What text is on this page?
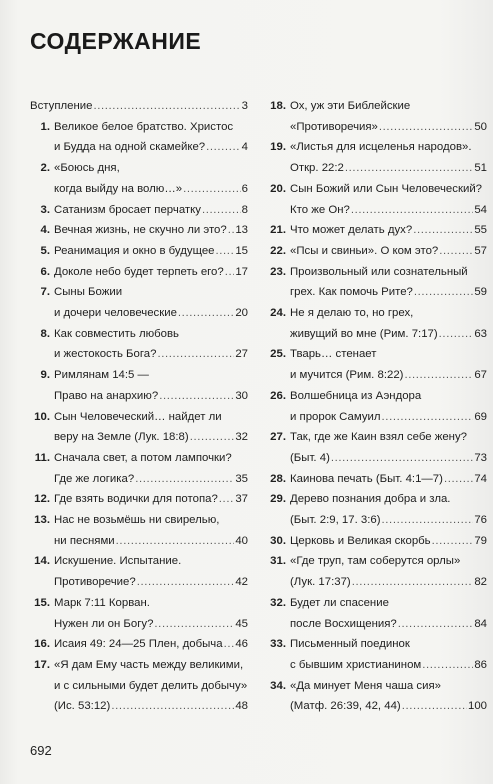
СОДЕРЖАНИЕ
Вступление .....	3
1. Великое белое братство. Христос
и Будда на одной скамейке? .....	4
2. «Боюсь дня,
когда выйду на волю…» .....	6
3. Сатанизм бросает перчатку .....	8
4. Вечная жизнь, не скучно ли это? ..... 13
5. Реанимация и окно в будущее ..... 15
6. Доколе небо будет терпеть его? ..... 17
7. Сыны Божии
и дочери человеческие .....	20
8. Как совместить любовь
и жестокость Бога? .....	27
9. Римлянам 14:5 —
Право на анархию? .....	30
10. Сын Человеческий… найдет ли
веру на Земле (Лук. 18:8) .....	32
11. Сначала свет, а потом лампочки?
Где же логика? .....	35
12. Где взять водички для потопа? ..... 37
13. Нас не возьмёшь ни свирелью,
ни песнями .....	40
14. Искушение. Испытание.
Противоречие? .....	42
15. Марк 7:11 Корван.
Нужен ли он Богу? .....	45
16. Исаия 49: 24—25 Плен, добыча ..... 46
17. «Я дам Ему часть между великими,
и с сильными будет делить добычу»
(Ис. 53:12) .....	48
18. Ох, уж эти Библейские
«Противоречия» .....	50
19. «Листья для исцеленья народов».
Откр. 22:2 .....	51
20. Сын Божий или Сын Человеческий?
Кто же Он? .....	54
21. Что может делать дух? .....	55
22. «Псы и свиньи». О ком это? .....	57
23. Произвольный или сознательный
грех. Как помочь Рите? .....	59
24. Не я делаю то, но грех,
живущий во мне (Рим. 7:17) .....	63
25. Тварь… стенает
и мучится (Рим. 8:22) .....	67
26. Волшебница из Аэндора
и пророк Самуил .....	69
27. Так, где же Каин взял себе жену?
(Быт. 4) .....	73
28. Каинова печать (Быт. 4:1—7) .....	74
29. Дерево познания добра и зла.
(Быт. 2:9, 17. 3:6) .....	76
30. Церковь и Великая скорбь .....	79
31. «Где труп, там соберутся орлы»
(Лук. 17:37) .....	82
32. Будет ли спасение
после Восхищения? .....	84
33. Письменный поединок
с бывшим христианином .....	86
34. «Да минует Меня чаша сия»
(Матф. 26:39, 42, 44) .....	100
692
